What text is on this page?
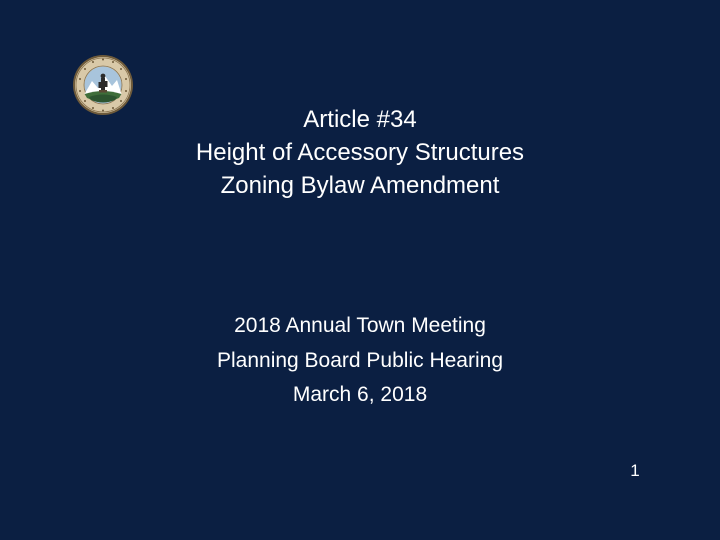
Article #34
Height of Accessory Structures
Zoning Bylaw Amendment
2018 Annual Town Meeting
Planning Board Public Hearing
March 6, 2018
1
